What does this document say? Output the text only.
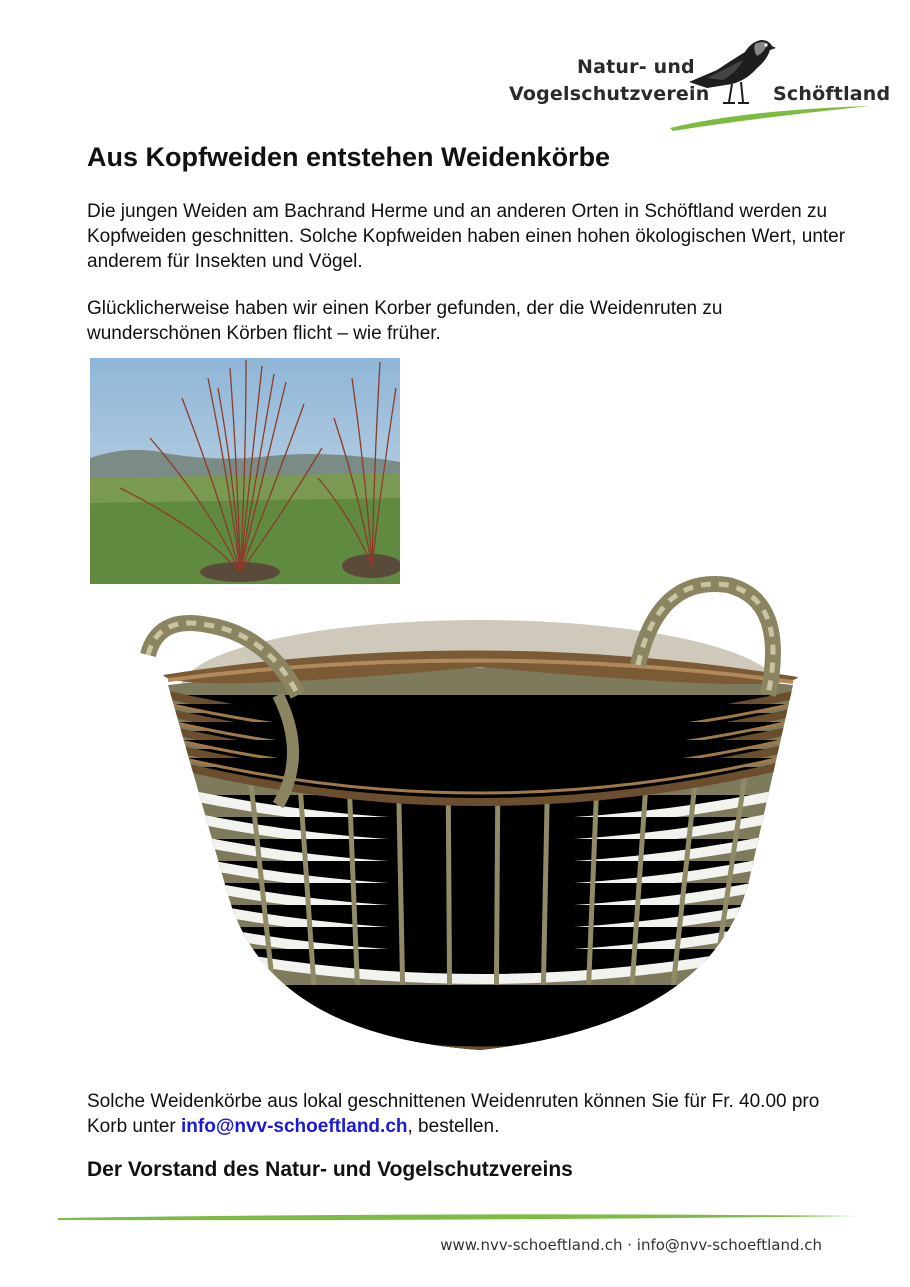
Natur- und
Vogelschutzverein	Schöftland
Aus Kopfweiden entstehen Weidenkörbe

Die jungen Weiden am Bachrand Herme und an anderen Orten in Schöftland werden zu Kopfweiden geschnitten. Solche Kopfweiden haben einen hohen ökologischen Wert, unter anderem für Insekten und Vögel.

Glücklicherweise haben wir einen Korber gefunden, der die Weidenruten zu wunderschönen Körben flicht – wie früher.

Solche Weidenkörbe aus lokal geschnittenen Weidenruten können Sie für Fr. 40.00 pro Korb unter info@nvv-schoeftland.ch, bestellen.

Der Vorstand des Natur- und Vogelschutzvereins

www.nvv-schoeftland.ch · info@nvv-schoeftland.ch
